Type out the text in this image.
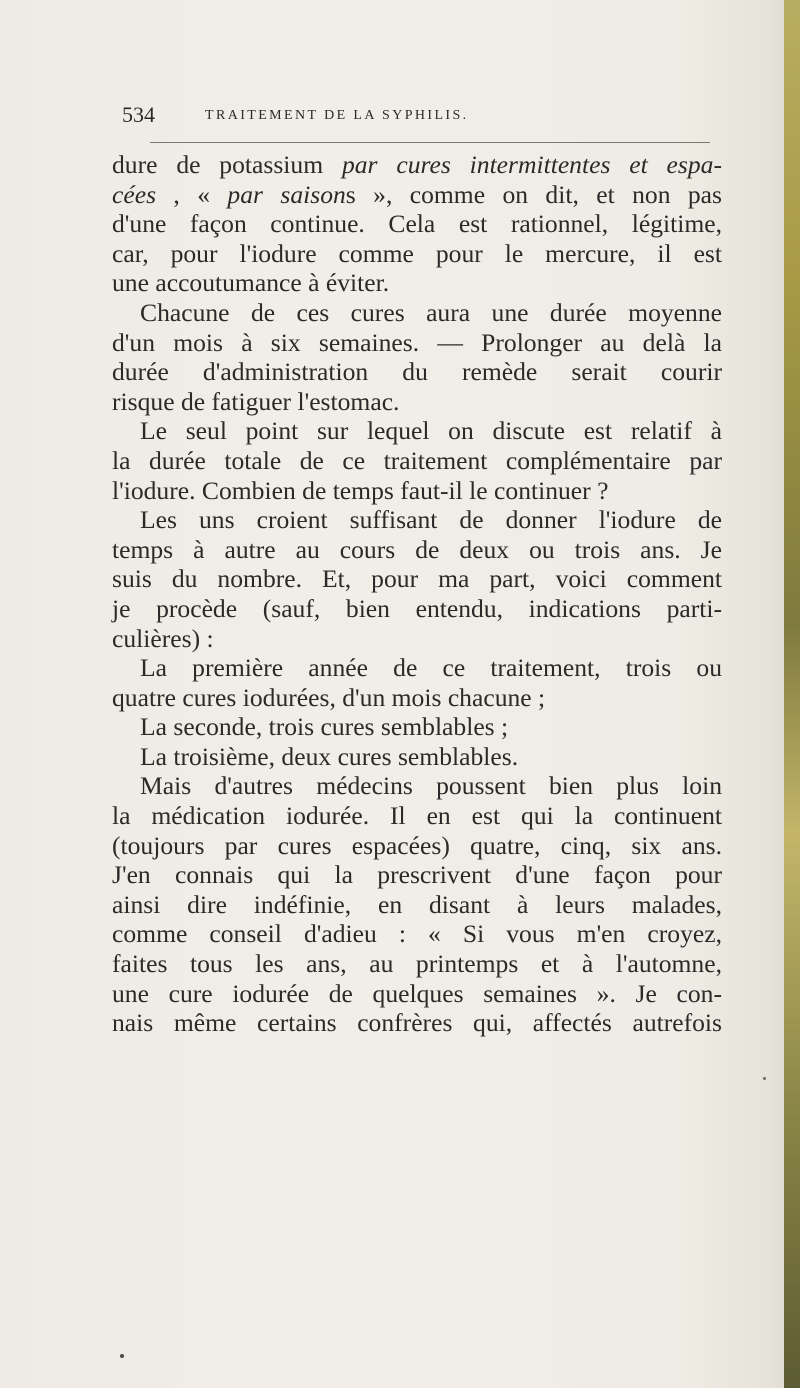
534	TRAITEMENT DE LA SYPHILIS.
dure de potassium par cures intermittentes et espa-
cées , « par saisons », comme on dit, et non pas
d'une façon continue. Cela est rationnel, légitime,
car, pour l'iodure comme pour le mercure, il est
une accoutumance à éviter.
Chacune de ces cures aura une durée moyenne
d'un mois à six semaines. — Prolonger au delà la
durée d'administration du remède serait courir
risque de fatiguer l'estomac.
Le seul point sur lequel on discute est relatif à
la durée totale de ce traitement complémentaire par
l'iodure. Combien de temps faut-il le continuer ?
Les uns croient suffisant de donner l'iodure de
temps à autre au cours de deux ou trois ans. Je
suis du nombre. Et, pour ma part, voici comment
je procède (sauf, bien entendu, indications parti-
culières) :
La première année de ce traitement, trois ou
quatre cures iodurées, d'un mois chacune ;
La seconde, trois cures semblables ;
La troisième, deux cures semblables.
Mais d'autres médecins poussent bien plus loin
la médication iodurée. Il en est qui la continuent
(toujours par cures espacées) quatre, cinq, six ans.
J'en connais qui la prescrivent d'une façon pour
ainsi dire indéfinie, en disant à leurs malades,
comme conseil d'adieu : « Si vous m'en croyez,
faites tous les ans, au printemps et à l'automne,
une cure iodurée de quelques semaines ». Je con-
nais même certains confrères qui, affectés autrefois
